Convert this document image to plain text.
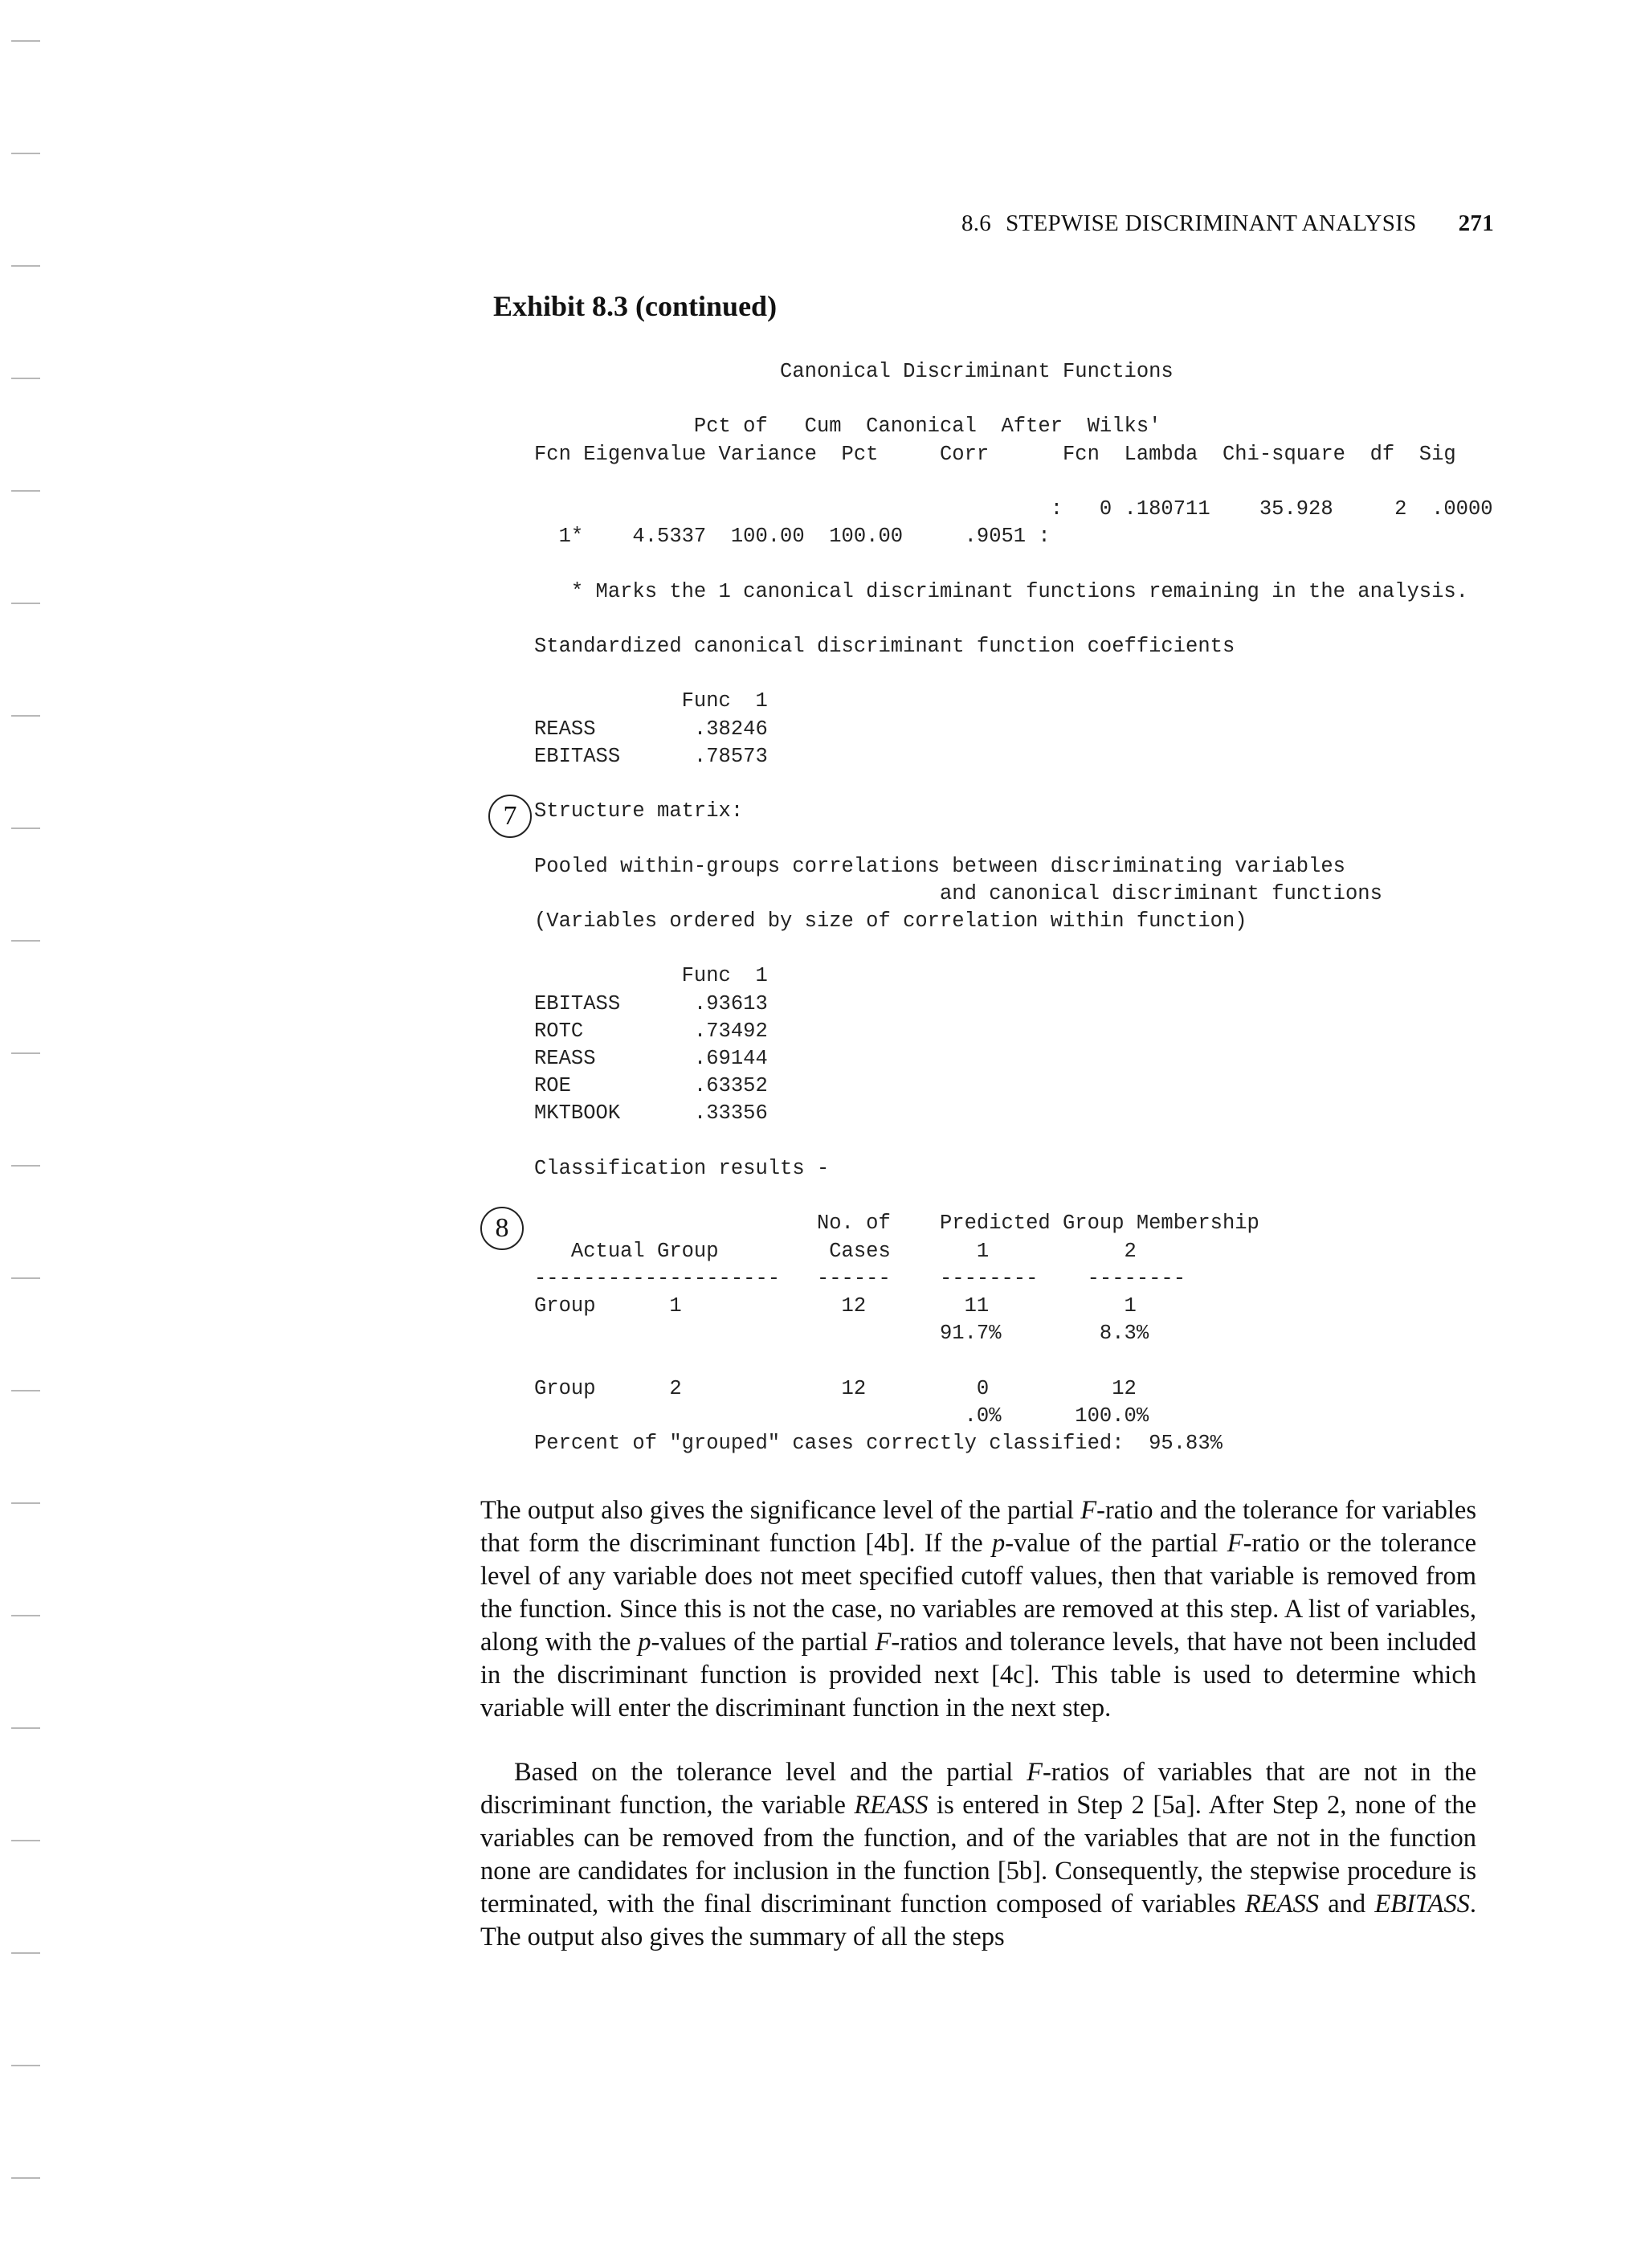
8.6 STEPWISE DISCRIMINANT ANALYSIS 271
Exhibit 8.3 (continued)
Canonical Discriminant Functions

Pct of   Cum  Canonical  After  Wilks'
Fcn Eigenvalue Variance  Pct     Corr      Fcn  Lambda  Chi-square  df  Sig

:   0 .180711    35.928     2  .0000
1*    4.5337  100.00  100.00     .9051 :

* Marks the 1 canonical discriminant functions remaining in the analysis.

Standardized canonical discriminant function coefficients

Func  1
REASS        .38246
EBITASS      .78573

Structure matrix:

Pooled within-groups correlations between discriminating variables
and canonical discriminant functions
(Variables ordered by size of correlation within function)

Func  1
EBITASS      .93613
ROTC         .73492
REASS        .69144
ROE          .63352
MKTBOOK      .33356

Classification results -

No. of    Predicted Group Membership
Actual Group         Cases       1           2
--------------------   ------    --------    --------
Group      1             12        11           1
91.7%        8.3%

Group      2             12         0          12
.0%      100.0%
Percent of "grouped" cases correctly classified:  95.83%

7
8

The output also gives the significance level of the partial F-ratio and the tolerance for variables that form the discriminant function [4b]. If the p-value of the partial F-ratio or the tolerance level of any variable does not meet specified cutoff values, then that variable is removed from the function. Since this is not the case, no variables are removed at this step. A list of variables, along with the p-values of the partial F-ratios and tolerance levels, that have not been included in the discriminant function is provided next [4c]. This table is used to determine which variable will enter the discriminant function in the next step.

Based on the tolerance level and the partial F-ratios of variables that are not in the discriminant function, the variable REASS is entered in Step 2 [5a]. After Step 2, none of the variables can be removed from the function, and of the variables that are not in the function none are candidates for inclusion in the function [5b]. Consequently, the stepwise procedure is terminated, with the final discriminant function composed of variables REASS and EBITASS. The output also gives the summary of all the steps
